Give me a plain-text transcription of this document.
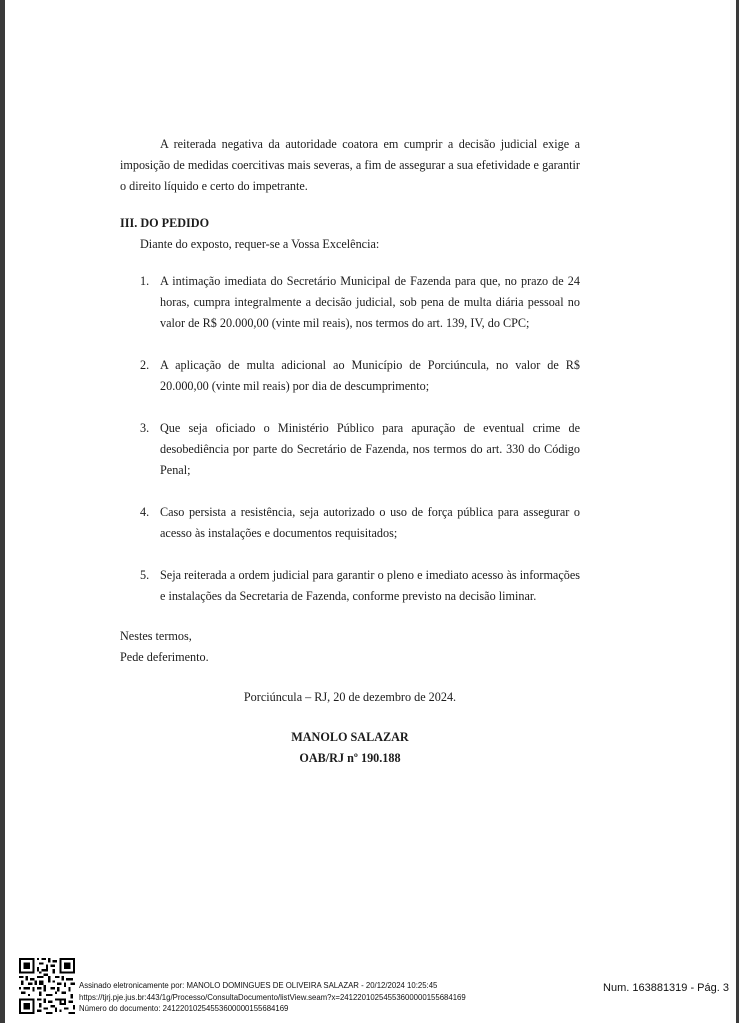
A reiterada negativa da autoridade coatora em cumprir a decisão judicial exige a imposição de medidas coercitivas mais severas, a fim de assegurar a sua efetividade e garantir o direito líquido e certo do impetrante.

III. DO PEDIDO

Diante do exposto, requer-se a Vossa Excelência:

1. A intimação imediata do Secretário Municipal de Fazenda para que, no prazo de 24 horas, cumpra integralmente a decisão judicial, sob pena de multa diária pessoal no valor de R$ 20.000,00 (vinte mil reais), nos termos do art. 139, IV, do CPC;
2. A aplicação de multa adicional ao Município de Porciúncula, no valor de R$ 20.000,00 (vinte mil reais) por dia de descumprimento;
3. Que seja oficiado o Ministério Público para apuração de eventual crime de desobediência por parte do Secretário de Fazenda, nos termos do art. 330 do Código Penal;
4. Caso persista a resistência, seja autorizado o uso de força pública para assegurar o acesso às instalações e documentos requisitados;
5. Seja reiterada a ordem judicial para garantir o pleno e imediato acesso às informações e instalações da Secretaria de Fazenda, conforme previsto na decisão liminar.

Nestes termos,

Pede deferimento.

Porciúncula – RJ, 20 de dezembro de 2024.
MANOLO SALAZAR
OAB/RJ nº 190.188
Assinado eletronicamente por: MANOLO DOMINGUES DE OLIVEIRA SALAZAR - 20/12/2024 10:25:45
https://tjrj.pje.jus.br:443/1g/Processo/ConsultaDocumento/listView.seam?x=24122010254553600000155684169
Número do documento: 24122010254553600000155684169
Num. 163881319 - Pág. 3
